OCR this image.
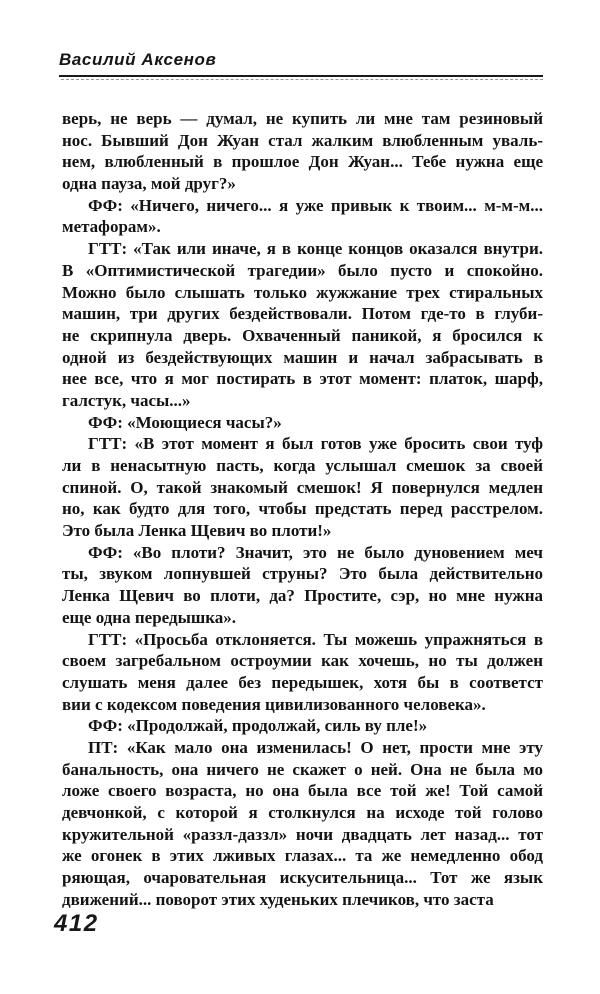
Василий Аксенов
верь, не верь — думал, не купить ли мне там резиновый
нос. Бывший Дон Жуан стал жалким влюбленным уваль-
нем, влюбленный в прошлое Дон Жуан... Тебе нужна еще
одна пауза, мой друг?»
ФФ: «Ничего, ничего... я уже привык к твоим... м-м-м...
метафорам».
ГТТ: «Так или иначе, я в конце концов оказался внутри.
В «Оптимистической трагедии» было пусто и спокойно.
Можно было слышать только жужжание трех стиральных
машин, три других бездействовали. Потом где-то в глуби-
не скрипнула дверь. Охваченный паникой, я бросился к
одной из бездействующих машин и начал забрасывать в
нее все, что я мог постирать в этот момент: платок, шарф,
галстук, часы...»
ФФ: «Моющиеся часы?»
ГТТ: «В этот момент я был готов уже бросить свои туф
ли в ненасытную пасть, когда услышал смешок за своей
спиной. О, такой знакомый смешок! Я повернулся медлен
но, как будто для того, чтобы предстать перед расстрелом.
Это была Ленка Щевич во плоти!»
ФФ: «Во плоти? Значит, это не было дуновением меч
ты, звуком лопнувшей струны? Это была действительно
Ленка Щевич во плоти, да? Простите, сэр, но мне нужна
еще одна передышка».
ГТТ: «Просьба отклоняется. Ты можешь упражняться в
своем загребальном остроумии как хочешь, но ты должен
слушать меня далее без передышек, хотя бы в соответст
вии с кодексом поведения цивилизованного человека».
ФФ: «Продолжай, продолжай, силь ву пле!»
ПТ: «Как мало она изменилась! О нет, прости мне эту
банальность, она ничего не скажет о ней. Она не была мо
ложе своего возраста, но она была все той же! Той самой
девчонкой, с которой я столкнулся на исходе той голово
кружительной «раззл-даззл» ночи двадцать лет назад... тот
же огонек в этих лживых глазах... та же немедленно обод
ряющая, очаровательная искусительница... Тот же язык
движений... поворот этих худеньких плечиков, что заста
412
